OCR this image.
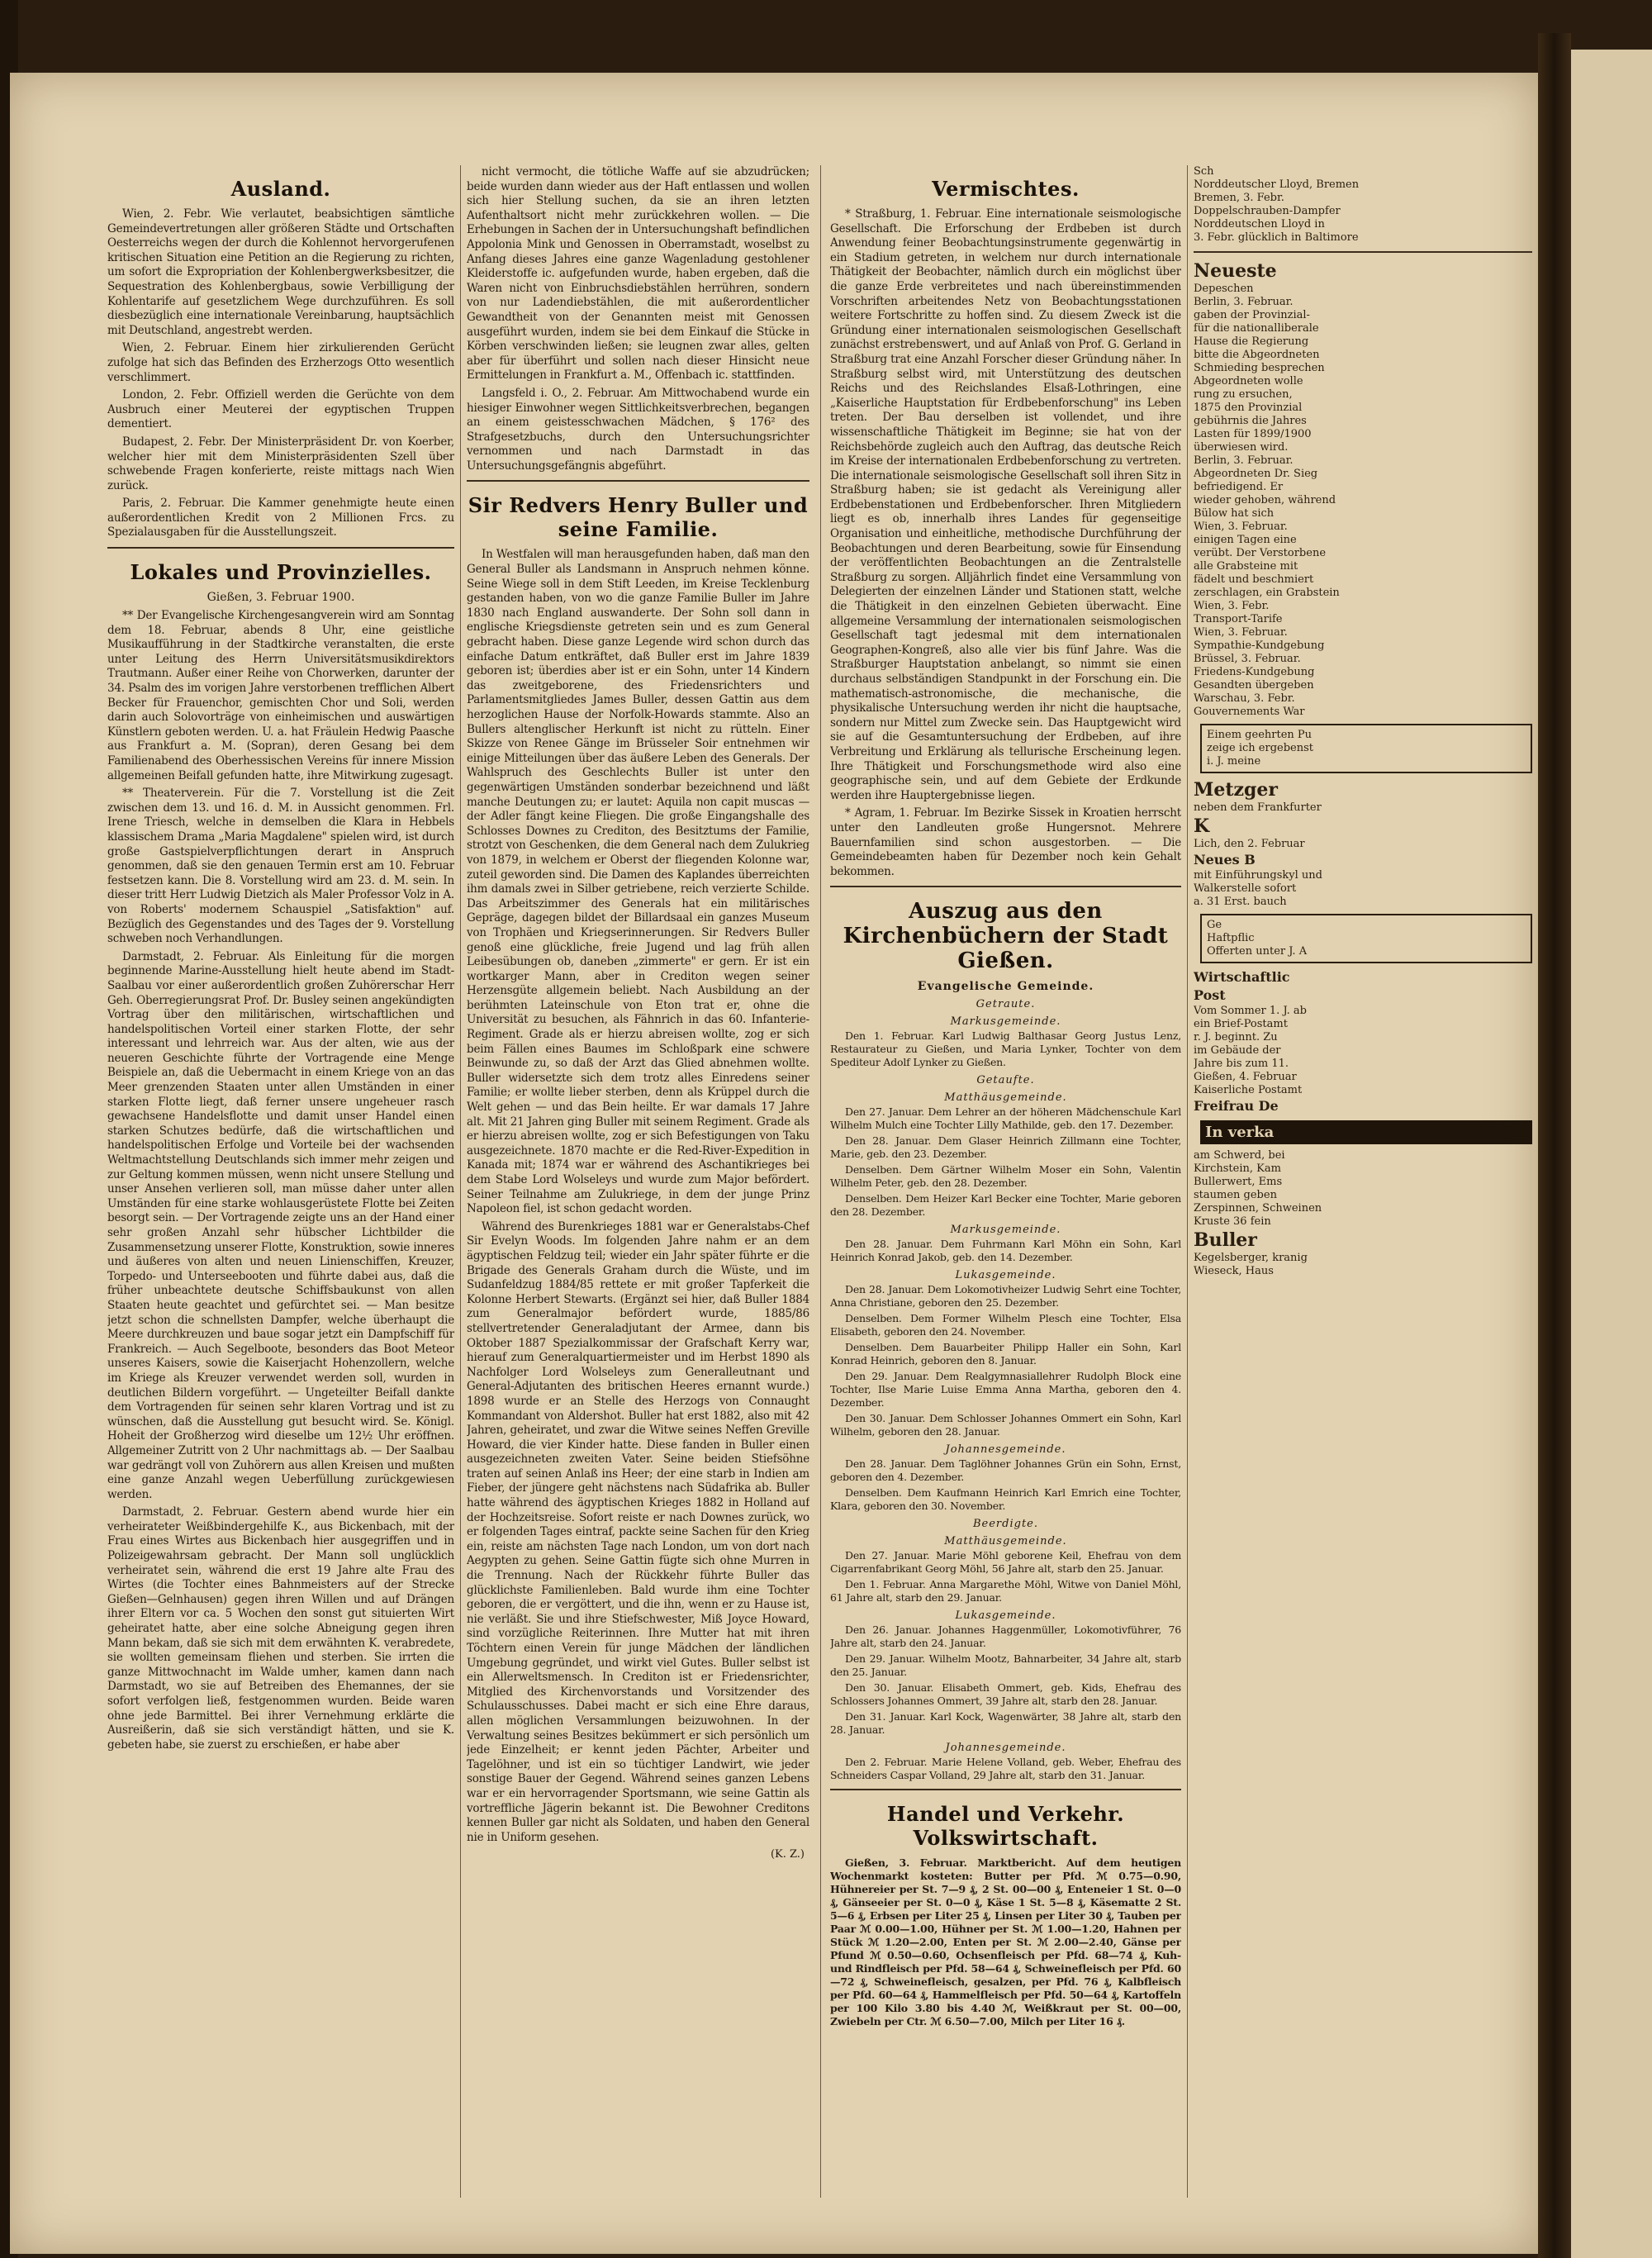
Ausland.

Wien, 2. Febr. Wie verlautet, beabsichtigen sämtliche Gemeindevertretungen aller größeren Städte und Ortschaften Oesterreichs wegen der durch die Kohlennot hervorgerufenen kritischen Situation eine Petition an die Regierung zu richten, um sofort die Expropriation der Kohlenbergwerksbesitzer, die Sequestration des Kohlenbergbaus, sowie Verbilligung der Kohlentarife auf gesetzlichem Wege durchzuführen. Es soll diesbezüglich eine internationale Vereinbarung, hauptsächlich mit Deutschland, angestrebt werden.

Wien, 2. Februar. Einem hier zirkulierenden Gerücht zufolge hat sich das Befinden des Erzherzogs Otto wesentlich verschlimmert.

London, 2. Febr. Offiziell werden die Gerüchte von dem Ausbruch einer Meuterei der egyptischen Truppen dementiert.

Budapest, 2. Febr. Der Ministerpräsident Dr. von Koerber, welcher hier mit dem Ministerpräsidenten Szell über schwebende Fragen konferierte, reiste mittags nach Wien zurück.

Paris, 2. Februar. Die Kammer genehmigte heute einen außerordentlichen Kredit von 2 Millionen Frcs. zu Spezialausgaben für die Ausstellungszeit.

Lokales und Provinzielles.
Gießen, 3. Februar 1900.

** Der Evangelische Kirchengesangverein wird am Sonntag dem 18. Februar, abends 8 Uhr, eine geistliche Musikaufführung in der Stadtkirche veranstalten, die erste unter Leitung des Herrn Universitätsmusikdirektors Trautmann. Außer einer Reihe von Chorwerken, darunter der 34. Psalm des im vorigen Jahre verstorbenen trefflichen Albert Becker für Frauenchor, gemischten Chor und Soli, werden darin auch Solovorträge von einheimischen und auswärtigen Künstlern geboten werden. U. a. hat Fräulein Hedwig Paasche aus Frankfurt a. M. (Sopran), deren Gesang bei dem Familienabend des Oberhessischen Vereins für innere Mission allgemeinen Beifall gefunden hatte, ihre Mitwirkung zugesagt.

** Theaterverein. Für die 7. Vorstellung ist die Zeit zwischen dem 13. und 16. d. M. in Aussicht genommen. Frl. Irene Triesch, welche in demselben die Klara in Hebbels klassischem Drama „Maria Magdalene" spielen wird, ist durch große Gastspielverpflichtungen derart in Anspruch genommen, daß sie den genauen Termin erst am 10. Februar festsetzen kann. Die 8. Vorstellung wird am 23. d. M. sein. In dieser tritt Herr Ludwig Dietzich als Maler Professor Volz in A. von Roberts' modernem Schauspiel „Satisfaktion" auf. Bezüglich des Gegenstandes und des Tages der 9. Vorstellung schweben noch Verhandlungen.

Darmstadt, 2. Februar. Als Einleitung für die morgen beginnende Marine-Ausstellung hielt heute abend im Stadt-Saalbau vor einer außerordentlich großen Zuhörerschar Herr Geh. Oberregierungsrat Prof. Dr. Busley seinen angekündigten Vortrag über den militärischen, wirtschaftlichen und handelspolitischen Vorteil einer starken Flotte, der sehr interessant und lehrreich war. Aus der alten, wie aus der neueren Geschichte führte der Vortragende eine Menge Beispiele an, daß die Uebermacht in einem Kriege von an das Meer grenzenden Staaten unter allen Umständen in einer starken Flotte liegt, daß ferner unsere ungeheuer rasch gewachsene Handelsflotte und damit unser Handel einen starken Schutzes bedürfe, daß die wirtschaftlichen und handelspolitischen Erfolge und Vorteile bei der wachsenden Weltmachtstellung Deutschlands sich immer mehr zeigen und zur Geltung kommen müssen, wenn nicht unsere Stellung und unser Ansehen verlieren soll, man müsse daher unter allen Umständen für eine starke wohlausgerüstete Flotte bei Zeiten besorgt sein. — Der Vortragende zeigte uns an der Hand einer sehr großen Anzahl sehr hübscher Lichtbilder die Zusammensetzung unserer Flotte, Konstruktion, sowie inneres und äußeres von alten und neuen Linienschiffen, Kreuzer, Torpedo- und Unterseebooten und führte dabei aus, daß die früher unbeachtete deutsche Schiffsbaukunst von allen Staaten heute geachtet und gefürchtet sei. — Man besitze jetzt schon die schnellsten Dampfer, welche überhaupt die Meere durchkreuzen und baue sogar jetzt ein Dampfschiff für Frankreich. — Auch Segelboote, besonders das Boot Meteor unseres Kaisers, sowie die Kaiserjacht Hohenzollern, welche im Kriege als Kreuzer verwendet werden soll, wurden in deutlichen Bildern vorgeführt. — Ungeteilter Beifall dankte dem Vortragenden für seinen sehr klaren Vortrag und ist zu wünschen, daß die Ausstellung gut besucht wird. Se. Königl. Hoheit der Großherzog wird dieselbe um 12½ Uhr eröffnen. Allgemeiner Zutritt von 2 Uhr nachmittags ab. — Der Saalbau war gedrängt voll von Zuhörern aus allen Kreisen und mußten eine ganze Anzahl wegen Ueberfüllung zurückgewiesen werden.

Darmstadt, 2. Februar. Gestern abend wurde hier ein verheirateter Weißbindergehilfe K., aus Bickenbach, mit der Frau eines Wirtes aus Bickenbach hier ausgegriffen und in Polizeigewahrsam gebracht. Der Mann soll unglücklich verheiratet sein, während die erst 19 Jahre alte Frau des Wirtes (die Tochter eines Bahnmeisters auf der Strecke Gießen—Gelnhausen) gegen ihren Willen und auf Drängen ihrer Eltern vor ca. 5 Wochen den sonst gut situierten Wirt geheiratet hatte, aber eine solche Abneigung gegen ihren Mann bekam, daß sie sich mit dem erwähnten K. verabredete, sie wollten gemeinsam fliehen und sterben. Sie irrten die ganze Mittwochnacht im Walde umher, kamen dann nach Darmstadt, wo sie auf Betreiben des Ehemannes, der sie sofort verfolgen ließ, festgenommen wurden. Beide waren ohne jede Barmittel. Bei ihrer Vernehmung erklärte die Ausreißerin, daß sie sich verständigt hätten, und sie K. gebeten habe, sie zuerst zu erschießen, er habe aber

nicht vermocht, die tötliche Waffe auf sie abzudrücken; beide wurden dann wieder aus der Haft entlassen und wollen sich hier Stellung suchen, da sie an ihren letzten Aufenthaltsort nicht mehr zurückkehren wollen. — Die Erhebungen in Sachen der in Untersuchungshaft befindlichen Appolonia Mink und Genossen in Oberramstadt, woselbst zu Anfang dieses Jahres eine ganze Wagenladung gestohlener Kleiderstoffe ic. aufgefunden wurde, haben ergeben, daß die Waren nicht von Einbruchsdiebstählen herrühren, sondern von nur Ladendiebstählen, die mit außerordentlicher Gewandtheit von der Genannten meist mit Genossen ausgeführt wurden, indem sie bei dem Einkauf die Stücke in Körben verschwinden ließen; sie leugnen zwar alles, gelten aber für überführt und sollen nach dieser Hinsicht neue Ermittelungen in Frankfurt a. M., Offenbach ic. stattfinden.

Langsfeld i. O., 2. Februar. Am Mittwochabend wurde ein hiesiger Einwohner wegen Sittlichkeitsverbrechen, begangen an einem geistesschwachen Mädchen, § 176² des Strafgesetzbuchs, durch den Untersuchungsrichter vernommen und nach Darmstadt in das Untersuchungsgefängnis abgeführt.

Sir Redvers Henry Buller und seine Familie.

In Westfalen will man herausgefunden haben, daß man den General Buller als Landsmann in Anspruch nehmen könne. Seine Wiege soll in dem Stift Leeden, im Kreise Tecklenburg gestanden haben, von wo die ganze Familie Buller im Jahre 1830 nach England auswanderte. Der Sohn soll dann in englische Kriegsdienste getreten sein und es zum General gebracht haben. Diese ganze Legende wird schon durch das einfache Datum entkräftet, daß Buller erst im Jahre 1839 geboren ist; überdies aber ist er ein Sohn, unter 14 Kindern das zweitgeborene, des Friedensrichters und Parlamentsmitgliedes James Buller, dessen Gattin aus dem herzoglichen Hause der Norfolk-Howards stammte. Also an Bullers altenglischer Herkunft ist nicht zu rütteln. Einer Skizze von Renee Gänge im Brüsseler Soir entnehmen wir einige Mitteilungen über das äußere Leben des Generals. Der Wahlspruch des Geschlechts Buller ist unter den gegenwärtigen Umständen sonderbar bezeichnend und läßt manche Deutungen zu; er lautet: Aquila non capit muscas — der Adler fängt keine Fliegen. Die große Eingangshalle des Schlosses Downes zu Crediton, des Besitztums der Familie, strotzt von Geschenken, die dem General nach dem Zulukrieg von 1879, in welchem er Oberst der fliegenden Kolonne war, zuteil geworden sind. Die Damen des Kaplandes überreichten ihm damals zwei in Silber getriebene, reich verzierte Schilde. Das Arbeitszimmer des Generals hat ein militärisches Gepräge, dagegen bildet der Billardsaal ein ganzes Museum von Trophäen und Kriegserinnerungen. Sir Redvers Buller genoß eine glückliche, freie Jugend und lag früh allen Leibesübungen ob, daneben „zimmerte" er gern. Er ist ein wortkarger Mann, aber in Crediton wegen seiner Herzensgüte allgemein beliebt. Nach Ausbildung an der berühmten Lateinschule von Eton trat er, ohne die Universität zu besuchen, als Fähnrich in das 60. Infanterie-Regiment. Grade als er hierzu abreisen wollte, zog er sich beim Fällen eines Baumes im Schloßpark eine schwere Beinwunde zu, so daß der Arzt das Glied abnehmen wollte. Buller widersetzte sich dem trotz alles Einredens seiner Familie; er wollte lieber sterben, denn als Krüppel durch die Welt gehen — und das Bein heilte. Er war damals 17 Jahre alt. Mit 21 Jahren ging Buller mit seinem Regiment. Grade als er hierzu abreisen wollte, zog er sich Befestigungen von Taku ausgezeichnete. 1870 machte er die Red-River-Expedition in Kanada mit; 1874 war er während des Aschantikrieges bei dem Stabe Lord Wolseleys und wurde zum Major befördert. Seiner Teilnahme am Zulukriege, in dem der junge Prinz Napoleon fiel, ist schon gedacht worden.

Während des Burenkrieges 1881 war er Generalstabs-Chef Sir Evelyn Woods. Im folgenden Jahre nahm er an dem ägyptischen Feldzug teil; wieder ein Jahr später führte er die Brigade des Generals Graham durch die Wüste, und im Sudanfeldzug 1884/85 rettete er mit großer Tapferkeit die Kolonne Herbert Stewarts. (Ergänzt sei hier, daß Buller 1884 zum Generalmajor befördert wurde, 1885/86 stellvertretender Generaladjutant der Armee, dann bis Oktober 1887 Spezialkommissar der Grafschaft Kerry war, hierauf zum Generalquartiermeister und im Herbst 1890 als Nachfolger Lord Wolseleys zum Generalleutnant und General-Adjutanten des britischen Heeres ernannt wurde.) 1898 wurde er an Stelle des Herzogs von Connaught Kommandant von Aldershot. Buller hat erst 1882, also mit 42 Jahren, geheiratet, und zwar die Witwe seines Neffen Greville Howard, die vier Kinder hatte. Diese fanden in Buller einen ausgezeichneten zweiten Vater. Seine beiden Stiefsöhne traten auf seinen Anlaß ins Heer; der eine starb in Indien am Fieber, der jüngere geht nächstens nach Südafrika ab. Buller hatte während des ägyptischen Krieges 1882 in Holland auf der Hochzeitsreise. Sofort reiste er nach Downes zurück, wo er folgenden Tages eintraf, packte seine Sachen für den Krieg ein, reiste am nächsten Tage nach London, um von dort nach Aegypten zu gehen. Seine Gattin fügte sich ohne Murren in die Trennung. Nach der Rückkehr führte Buller das glücklichste Familienleben. Bald wurde ihm eine Tochter geboren, die er vergöttert, und die ihn, wenn er zu Hause ist, nie verläßt. Sie und ihre Stiefschwester, Miß Joyce Howard, sind vorzügliche Reiterinnen. Ihre Mutter hat mit ihren Töchtern einen Verein für junge Mädchen der ländlichen Umgebung gegründet, und wirkt viel Gutes. Buller selbst ist ein Allerweltsmensch. In Crediton ist er Friedensrichter, Mitglied des Kirchenvorstands und Vorsitzender des Schulausschusses. Dabei macht er sich eine Ehre daraus, allen möglichen Versammlungen beizuwohnen. In der Verwaltung seines Besitzes bekümmert er sich persönlich um jede Einzelheit; er kennt jeden Pächter, Arbeiter und Tagelöhner, und ist ein so tüchtiger Landwirt, wie jeder sonstige Bauer der Gegend. Während seines ganzen Lebens war er ein hervorragender Sportsmann, wie seine Gattin als vortreffliche Jägerin bekannt ist. Die Bewohner Creditons kennen Buller gar nicht als Soldaten, und haben den General nie in Uniform gesehen.

(K. Z.)
Vermischtes.

* Straßburg, 1. Februar. Eine internationale seismologische Gesellschaft. Die Erforschung der Erdbeben ist durch Anwendung feiner Beobachtungsinstrumente gegenwärtig in ein Stadium getreten, in welchem nur durch internationale Thätigkeit der Beobachter, nämlich durch ein möglichst über die ganze Erde verbreitetes und nach übereinstimmenden Vorschriften arbeitendes Netz von Beobachtungsstationen weitere Fortschritte zu hoffen sind. Zu diesem Zweck ist die Gründung einer internationalen seismologischen Gesellschaft zunächst erstrebenswert, und auf Anlaß von Prof. G. Gerland in Straßburg trat eine Anzahl Forscher dieser Gründung näher. In Straßburg selbst wird, mit Unterstützung des deutschen Reichs und des Reichslandes Elsaß-Lothringen, eine „Kaiserliche Hauptstation für Erdbebenforschung" ins Leben treten. Der Bau derselben ist vollendet, und ihre wissenschaftliche Thätigkeit im Beginne; sie hat von der Reichsbehörde zugleich auch den Auftrag, das deutsche Reich im Kreise der internationalen Erdbebenforschung zu vertreten. Die internationale seismologische Gesellschaft soll ihren Sitz in Straßburg haben; sie ist gedacht als Vereinigung aller Erdbebenstationen und Erdbebenforscher. Ihren Mitgliedern liegt es ob, innerhalb ihres Landes für gegenseitige Organisation und einheitliche, methodische Durchführung der Beobachtungen und deren Bearbeitung, sowie für Einsendung der veröffentlichten Beobachtungen an die Zentralstelle Straßburg zu sorgen. Alljährlich findet eine Versammlung von Delegierten der einzelnen Länder und Stationen statt, welche die Thätigkeit in den einzelnen Gebieten überwacht. Eine allgemeine Versammlung der internationalen seismologischen Gesellschaft tagt jedesmal mit dem internationalen Geographen-Kongreß, also alle vier bis fünf Jahre. Was die Straßburger Hauptstation anbelangt, so nimmt sie einen durchaus selbständigen Standpunkt in der Forschung ein. Die mathematisch-astronomische, die mechanische, die physikalische Untersuchung werden ihr nicht die hauptsache, sondern nur Mittel zum Zwecke sein. Das Hauptgewicht wird sie auf die Gesamtuntersuchung der Erdbeben, auf ihre Verbreitung und Erklärung als tellurische Erscheinung legen. Ihre Thätigkeit und Forschungsmethode wird also eine geographische sein, und auf dem Gebiete der Erdkunde werden ihre Hauptergebnisse liegen.

* Agram, 1. Februar. Im Bezirke Sissek in Kroatien herrscht unter den Landleuten große Hungersnot. Mehrere Bauernfamilien sind schon ausgestorben. — Die Gemeindebeamten haben für Dezember noch kein Gehalt bekommen.

Auszug aus den Kirchenbüchern der Stadt Gießen.
Evangelische Gemeinde.
Getraute.
Markusgemeinde.

Den 1. Februar. Karl Ludwig Balthasar Georg Justus Lenz, Restaurateur zu Gießen, und Maria Lynker, Tochter von dem Spediteur Adolf Lynker zu Gießen.

Getaufte.
Matthäusgemeinde.

Den 27. Januar. Dem Lehrer an der höheren Mädchenschule Karl Wilhelm Mulch eine Tochter Lilly Mathilde, geb. den 17. Dezember.

Den 28. Januar. Dem Glaser Heinrich Zillmann eine Tochter, Marie, geb. den 23. Dezember.

Denselben. Dem Gärtner Wilhelm Moser ein Sohn, Valentin Wilhelm Peter, geb. den 28. Dezember.

Denselben. Dem Heizer Karl Becker eine Tochter, Marie geboren den 28. Dezember.

Markusgemeinde.

Den 28. Januar. Dem Fuhrmann Karl Möhn ein Sohn, Karl Heinrich Konrad Jakob, geb. den 14. Dezember.

Lukasgemeinde.

Den 28. Januar. Dem Lokomotivheizer Ludwig Sehrt eine Tochter, Anna Christiane, geboren den 25. Dezember.

Denselben. Dem Former Wilhelm Plesch eine Tochter, Elsa Elisabeth, geboren den 24. November.

Denselben. Dem Bauarbeiter Philipp Haller ein Sohn, Karl Konrad Heinrich, geboren den 8. Januar.

Den 29. Januar. Dem Realgymnasiallehrer Rudolph Block eine Tochter, Ilse Marie Luise Emma Anna Martha, geboren den 4. Dezember.

Den 30. Januar. Dem Schlosser Johannes Ommert ein Sohn, Karl Wilhelm, geboren den 28. Januar.

Johannesgemeinde.

Den 28. Januar. Dem Taglöhner Johannes Grün ein Sohn, Ernst, geboren den 4. Dezember.

Denselben. Dem Kaufmann Heinrich Karl Emrich eine Tochter, Klara, geboren den 30. November.

Beerdigte.
Matthäusgemeinde.

Den 27. Januar. Marie Möhl geborene Keil, Ehefrau von dem Cigarrenfabrikant Georg Möhl, 56 Jahre alt, starb den 25. Januar.

Den 1. Februar. Anna Margarethe Möhl, Witwe von Daniel Möhl, 61 Jahre alt, starb den 29. Januar.

Lukasgemeinde.

Den 26. Januar. Johannes Haggenmüller, Lokomotivführer, 76 Jahre alt, starb den 24. Januar.

Den 29. Januar. Wilhelm Mootz, Bahnarbeiter, 34 Jahre alt, starb den 25. Januar.

Den 30. Januar. Elisabeth Ommert, geb. Kids, Ehefrau des Schlossers Johannes Ommert, 39 Jahre alt, starb den 28. Januar.

Den 31. Januar. Karl Kock, Wagenwärter, 38 Jahre alt, starb den 28. Januar.

Johannesgemeinde.

Den 2. Februar. Marie Helene Volland, geb. Weber, Ehefrau des Schneiders Caspar Volland, 29 Jahre alt, starb den 31. Januar.

Handel und Verkehr. Volkswirtschaft.

Gießen, 3. Februar. Marktbericht. Auf dem heutigen Wochenmarkt kosteten: Butter per Pfd. ℳ 0.75—0.90, Hühnereier per St. 7—9 ₰, 2 St. 00—00 ₰, Enteneier 1 St. 0—0 ₰, Gänseeier per St. 0—0 ₰, Käse 1 St. 5—8 ₰, Käsematte 2 St. 5—6 ₰, Erbsen per Liter 25 ₰, Linsen per Liter 30 ₰, Tauben per Paar ℳ 0.00—1.00, Hühner per St. ℳ 1.00—1.20, Hahnen per Stück ℳ 1.20—2.00, Enten per St. ℳ 2.00—2.40, Gänse per Pfund ℳ 0.50—0.60, Ochsenfleisch per Pfd. 68—74 ₰, Kuh- und Rindfleisch per Pfd. 58—64 ₰, Schweinefleisch per Pfd. 60—72 ₰, Schweinefleisch, gesalzen, per Pfd. 76 ₰, Kalbfleisch per Pfd. 60—64 ₰, Hammelfleisch per Pfd. 50—64 ₰, Kartoffeln per 100 Kilo 3.80 bis 4.40 ℳ, Weißkraut per St. 00—00, Zwiebeln per Ctr. ℳ 6.50—7.00, Milch per Liter 16 ₰.

Sch

Norddeutscher Lloyd, Bremen

Bremen, 3. Febr.

Doppelschrauben-Dampfer

Norddeutschen Lloyd in

3. Febr. glücklich in Baltimore

Neueste

Depeschen

Berlin, 3. Februar.

gaben der Provinzial-

für die nationalliberale

Hause die Regierung

bitte die Abgeordneten

Schmieding besprechen

Abgeordneten wolle

rung zu ersuchen,

1875 den Provinzial

gebührnis die Jahres

Lasten für 1899/1900

überwiesen wird.

Berlin, 3. Februar.

Abgeordneten Dr. Sieg

befriedigend. Er

wieder gehoben, während

Bülow hat sich

Wien, 3. Februar.

einigen Tagen eine

verübt. Der Verstorbene

alle Grabsteine mit

fädelt und beschmiert

zerschlagen, ein Grabstein

Wien, 3. Febr.

Transport-Tarife

Wien, 3. Februar.

Sympathie-Kundgebung

Brüssel, 3. Februar.

Friedens-Kundgebung

Gesandten übergeben

Warschau, 3. Febr.

Gouvernements War

Einem geehrten Pu

zeige ich ergebenst

i. J. meine

Metzger

neben dem Frankfurter

K

Lich, den 2. Februar

Neues B

mit Einführungskyl und

Walkerstelle sofort

a. 31 Erst. bauch

Ge

Haftpflic

Offerten unter J. A

Wirtschaftlic

Post

Vom Sommer 1. J. ab

ein Brief-Postamt

r. J. beginnt. Zu

im Gebäude der

Jahre bis zum 11.

Gießen, 4. Februar

Kaiserliche Postamt

Freifrau De

In verka

am Schwerd, bei

Kirchstein, Kam

Bullerwert, Ems

staumen geben

Zerspinnen, Schweinen

Kruste 36 fein

Buller

Kegelsberger, kranig

Wieseck, Haus
